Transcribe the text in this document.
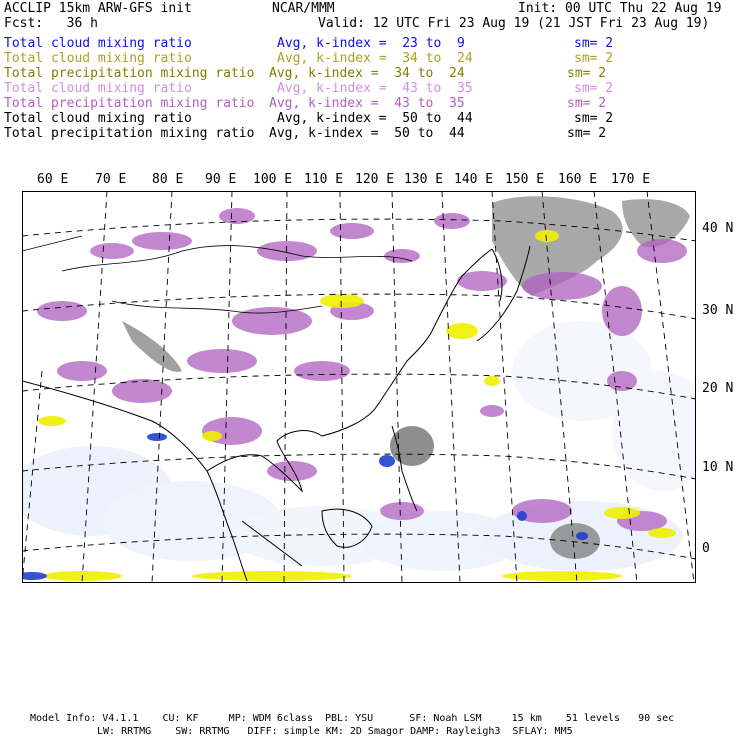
ACCLIP 15km ARW-GFS init	NCAR/MMM	Init: 00 UTC Thu 22 Aug 19
Fcst:   36 h	Valid: 12 UTC Fri 23 Aug 19 (21 JST Fri 23 Aug 19)
Total cloud mixing ratio	Avg, k-index =  23 to  9	sm= 2
Total cloud mixing ratio	Avg, k-index =  34 to  24	sm= 2
Total precipitation mixing ratio Avg, k-index =  34 to  24	sm= 2
Total cloud mixing ratio	Avg, k-index =  43 to  35	sm= 2
Total precipitation mixing ratio Avg, k-index =  43 to  35	sm= 2
Total cloud mixing ratio	Avg, k-index =  50 to  44	sm= 2
Total precipitation mixing ratio Avg, k-index =  50 to  44	sm= 2
60 E 70 E 80 E 90 E 100 E 110 E 120 E 130 E 140 E 150 E 160 E 170 E
40 N
30 N
20 N
10 N
0
Model Info: V4.1.1    CU: KF     MP: WDM 6class  PBL: YSU      SF: Noah LSM     15 km    51 levels   90 sec
LW: RRTMG    SW: RRTMG   DIFF: simple KM: 2D Smagor DAMP: Rayleigh3  SFLAY: MM5
